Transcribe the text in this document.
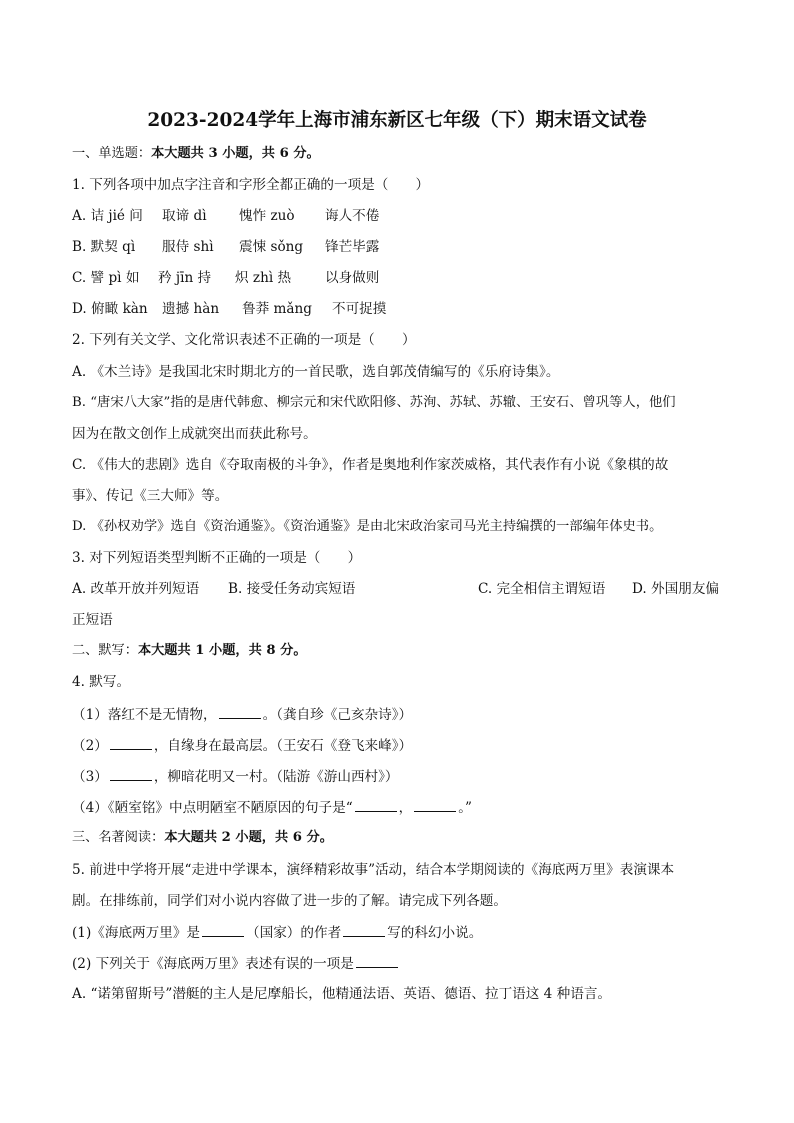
2023-2024学年上海市浦东新区七年级（下）期末语文试卷
一、单选题：本大题共 3 小题，共 6 分。
1. 下列各项中加点字注音和字形全都正确的一项是（　　）
A. 诘 jié 问 取谛 dì 愧怍 zuò 诲人不倦
B. 默契 qì 服侍 shì 震悚 sǒng 锋芒毕露
C. 譬 pì 如 矜 jīn 持 炽 zhì 热 以身做则
D. 俯瞰 kàn 遗撼 hàn 鲁莽 mǎng 不可捉摸
2. 下列有关文学、文化常识表述不正确的一项是（　　）
A. 《木兰诗》是我国北宋时期北方的一首民歌，选自郭茂倩编写的《乐府诗集》。
B. “唐宋八大家”指的是唐代韩愈、柳宗元和宋代欧阳修、苏洵、苏轼、苏辙、王安石、曾巩等人，他们
因为在散文创作上成就突出而获此称号。
C. 《伟大的悲剧》选自《夺取南极的斗争》，作者是奥地利作家茨威格，其代表作有小说《象棋的故
事》、传记《三大师》等。
D. 《孙权劝学》选自《资治通鉴》。《资治通鉴》是由北宋政治家司马光主持编撰的一部编年体史书。
3. 对下列短语类型判断不正确的一项是（　　）
A. 改革开放并列短语 B. 接受任务动宾短语	C. 完全相信主谓短语 D. 外国朋友偏
正短语
二、默写：本大题共 1 小题，共 8 分。
4. 默写。
（1）落红不是无情物，	。（龚自珍《己亥杂诗》）
（2）	，自缘身在最高层。（王安石《登飞来峰》）
（3）	，柳暗花明又一村。（陆游《游山西村》）
（4）《陋室铭》中点明陋室不陋原因的句子是“	，	。”
三、名著阅读：本大题共 2 小题，共 6 分。
5. 前进中学将开展“走进中学课本，演绎精彩故事”活动，结合本学期阅读的《海底两万里》表演课本
剧。在排练前，同学们对小说内容做了进一步的了解。请完成下列各题。
(1)《海底两万里》是	（国家）的作者	写的科幻小说。
(2) 下列关于《海底两万里》表述有误的一项是
A. “诺第留斯号”潜艇的主人是尼摩船长，他精通法语、英语、德语、拉丁语这 4 种语言。
